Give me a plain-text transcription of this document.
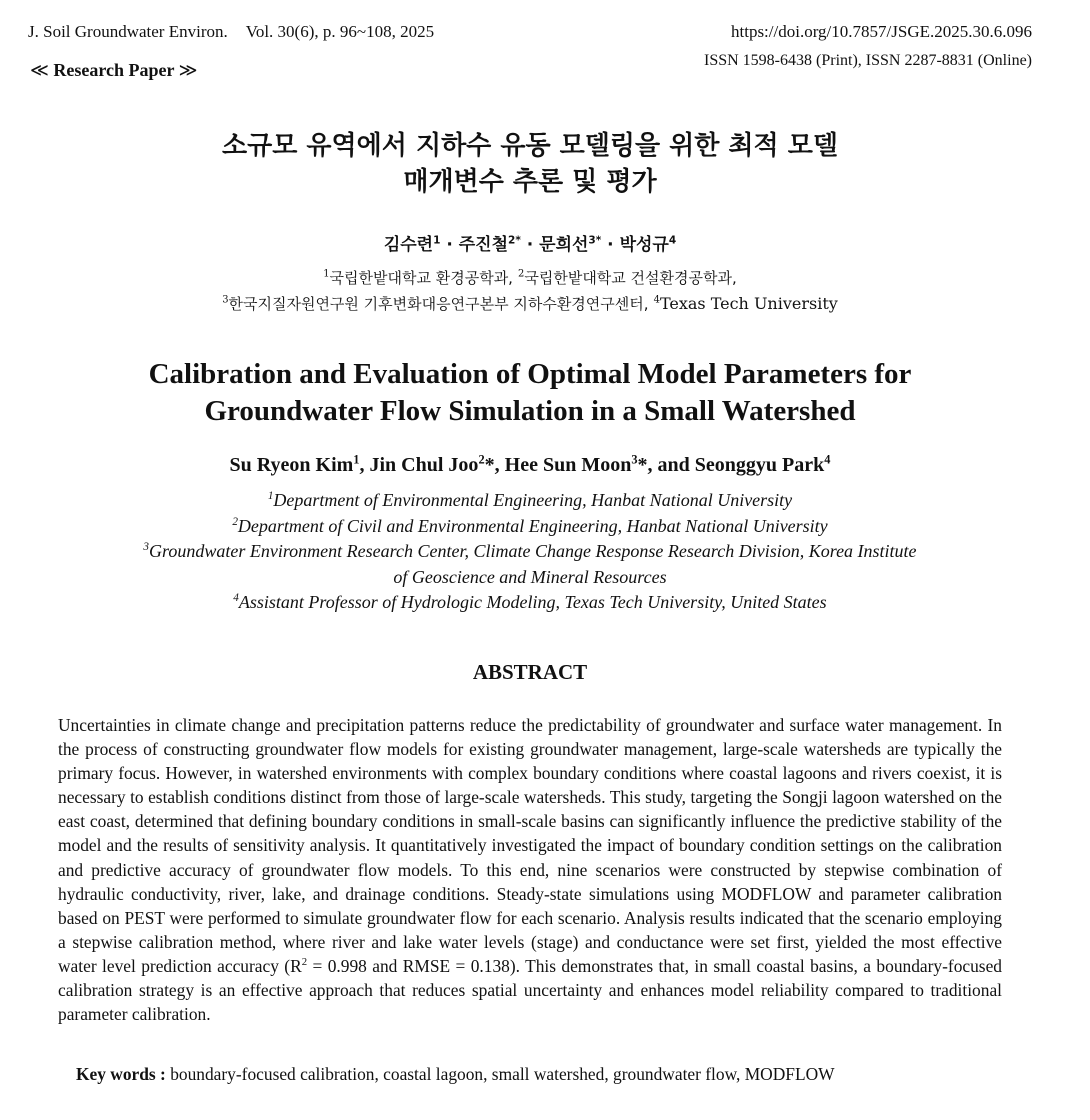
J. Soil Groundwater Environ. Vol. 30(6), p. 96~108, 2025	https://doi.org/10.7857/JSGE.2025.30.6.096
ISSN 1598-6438 (Print), ISSN 2287-8831 (Online)
≪ Research Paper ≫
소규모 유역에서 지하수 유동 모델링을 위한 최적 모델
매개변수 추론 및 평가
김수련$^1$ · 주진철$^{2*}$ · 문희선$^{3*}$ · 박성규$^4$
$^1$국립한밭대학교 환경공학과, $^2$국립한밭대학교 건설환경공학과,
$^3$한국지질자원연구원 기후변화대응연구본부 지하수환경연구센터, $^4$Texas Tech University
Calibration and Evaluation of Optimal Model Parameters for
Groundwater Flow Simulation in a Small Watershed
Su Ryeon Kim$^1$, Jin Chul Joo$^2$*, Hee Sun Moon$^3$*, and Seonggyu Park$^4$
$^1$Department of Environmental Engineering, Hanbat National University
$^2$Department of Civil and Environmental Engineering, Hanbat National University
$^3$Groundwater Environment Research Center, Climate Change Response Research Division, Korea Institute
of Geoscience and Mineral Resources
$^4$Assistant Professor of Hydrologic Modeling, Texas Tech University, United States
ABSTRACT

Uncertainties in climate change and precipitation patterns reduce the predictability of groundwater and surface water management. In the process of constructing groundwater flow models for existing groundwater management, large-scale watersheds are typically the primary focus. However, in watershed environments with complex boundary conditions where coastal lagoons and rivers coexist, it is necessary to establish conditions distinct from those of large-scale watersheds. This study, targeting the Songji lagoon watershed on the east coast, determined that defining boundary conditions in small-scale basins can significantly influence the predictive stability of the model and the results of sensitivity analysis. It quantitatively investigated the impact of boundary condition settings on the calibration and predictive accuracy of groundwater flow models. To this end, nine scenarios were constructed by stepwise combination of hydraulic conductivity, river, lake, and drainage conditions. Steady-state simulations using MODFLOW and parameter calibration based on PEST were performed to simulate groundwater flow for each scenario. Analysis results indicated that the scenario employing a stepwise calibration method, where river and lake water levels (stage) and conductance were set first, yielded the most effective water level prediction accuracy ($R^2 = 0.998$ and RMSE = 0.138). This demonstrates that, in small coastal basins, a boundary-focused calibration strategy is an effective approach that reduces spatial uncertainty and enhances model reliability compared to traditional parameter calibration.

Key words : boundary-focused calibration, coastal lagoon, small watershed, groundwater flow, MODFLOW
